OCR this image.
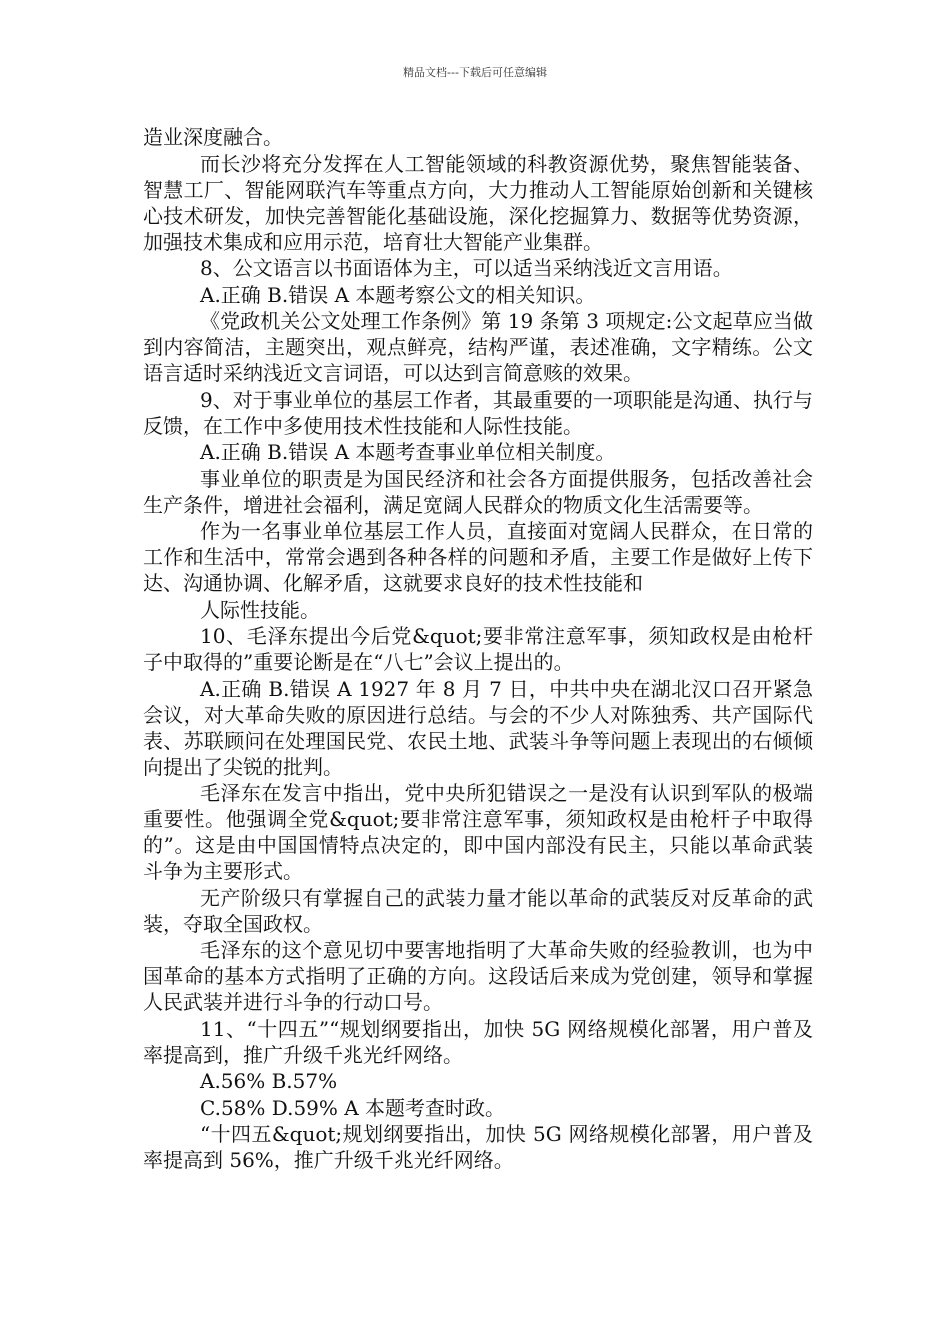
精品文档---下载后可任意编辑

造业深度融合。

而长沙将充分发挥在人工智能领域的科教资源优势，聚焦智能装备、智慧工厂、智能网联汽车等重点方向，大力推动人工智能原始创新和关键核心技术研发，加快完善智能化基础设施，深化挖掘算力、数据等优势资源，加强技术集成和应用示范，培育壮大智能产业集群。

8、公文语言以书面语体为主，可以适当采纳浅近文言用语。

A.正确 B.错误 A 本题考察公文的相关知识。

《党政机关公文处理工作条例》第 19 条第 3 项规定:公文起草应当做到内容简洁，主题突出，观点鲜亮，结构严谨，表述准确，文字精练。公文语言适时采纳浅近文言词语，可以达到言简意赅的效果。

9、对于事业单位的基层工作者，其最重要的一项职能是沟通、执行与反馈，在工作中多使用技术性技能和人际性技能。

A.正确 B.错误 A 本题考查事业单位相关制度。

事业单位的职责是为国民经济和社会各方面提供服务，包括改善社会生产条件，增进社会福利，满足宽阔人民群众的物质文化生活需要等。

作为一名事业单位基层工作人员，直接面对宽阔人民群众，在日常的工作和生活中，常常会遇到各种各样的问题和矛盾，主要工作是做好上传下达、沟通协调、化解矛盾，这就要求良好的技术性技能和

人际性技能。

10、毛泽东提出今后党&quot;要非常注意军事，须知政权是由枪杆子中取得的”重要论断是在“八七”会议上提出的。

A.正确 B.错误 A 1927 年 8 月 7 日，中共中央在湖北汉口召开紧急会议，对大革命失败的原因进行总结。与会的不少人对陈独秀、共产国际代表、苏联顾问在处理国民党、农民土地、武装斗争等问题上表现出的右倾倾向提出了尖锐的批判。

毛泽东在发言中指出，党中央所犯错误之一是没有认识到军队的极端重要性。他强调全党&quot;要非常注意军事，须知政权是由枪杆子中取得的”。这是由中国国情特点决定的，即中国内部没有民主，只能以革命武装斗争为主要形式。

无产阶级只有掌握自己的武装力量才能以革命的武装反对反革命的武装，夺取全国政权。

毛泽东的这个意见切中要害地指明了大革命失败的经验教训，也为中国革命的基本方式指明了正确的方向。这段话后来成为党创建，领导和掌握人民武装并进行斗争的行动口号。

11、“十四五”“规划纲要指出，加快 5G 网络规模化部署，用户普及率提高到，推广升级千兆光纤网络。

A.56% B.57%

C.58% D.59% A 本题考查时政。

“十四五&quot;规划纲要指出，加快 5G 网络规模化部署，用户普及率提高到 56%，推广升级千兆光纤网络。
